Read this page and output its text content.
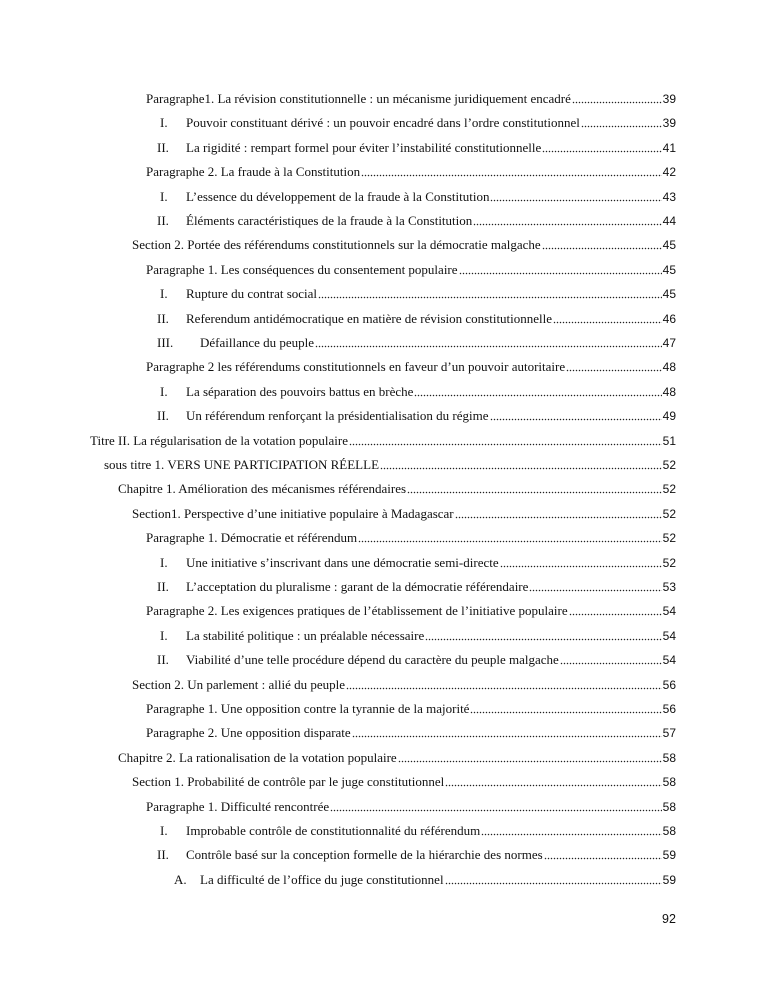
Paragraphe1. La révision constitutionnelle : un mécanisme juridiquement encadré	39
I. Pouvoir constituant dérivé : un pouvoir encadré dans l’ordre constitutionnel	39
II. La rigidité : rempart formel pour éviter l’instabilité constitutionnelle	41
Paragraphe 2. La fraude à la Constitution	42
I. L’essence du développement de la fraude à la Constitution	43
II. Éléments caractéristiques de la fraude à la Constitution	44
Section 2. Portée des référendums constitutionnels sur la démocratie malgache	45
Paragraphe 1. Les conséquences du consentement populaire	45
I. Rupture du contrat social	45
II. Referendum antidémocratique en matière de révision constitutionnelle	46
III. Défaillance du peuple	47
Paragraphe 2 les référendums constitutionnels en faveur d’un pouvoir autoritaire	48
I. La séparation des pouvoirs battus en brèche	48
II. Un référendum renforçant la présidentialisation du régime	49
Titre II. La régularisation de la votation populaire	51
sous titre 1. VERS UNE PARTICIPATION RÉELLE	52
Chapitre 1. Amélioration des mécanismes référendaires	52
Section1. Perspective d’une initiative populaire à Madagascar	52
Paragraphe 1. Démocratie et référendum	52
I. Une initiative s’inscrivant dans une démocratie semi-directe	52
II. L’acceptation du pluralisme : garant de la démocratie référendaire	53
Paragraphe 2. Les exigences pratiques de l’établissement de l’initiative populaire	54
I. La stabilité politique : un préalable nécessaire	54
II. Viabilité d’une telle procédure dépend du caractère du peuple malgache	54
Section 2. Un parlement : allié du peuple	56
Paragraphe 1. Une opposition contre la tyrannie de la majorité	56
Paragraphe 2. Une opposition disparate	57
Chapitre 2. La rationalisation de la votation populaire	58
Section 1. Probabilité de contrôle par le juge constitutionnel	58
Paragraphe 1. Difficulté rencontrée	58
I. Improbable contrôle de constitutionnalité du référendum	58
II. Contrôle basé sur la conception formelle de la hiérarchie des normes	59
A. La difficulté de l’office du juge constitutionnel	59
92
